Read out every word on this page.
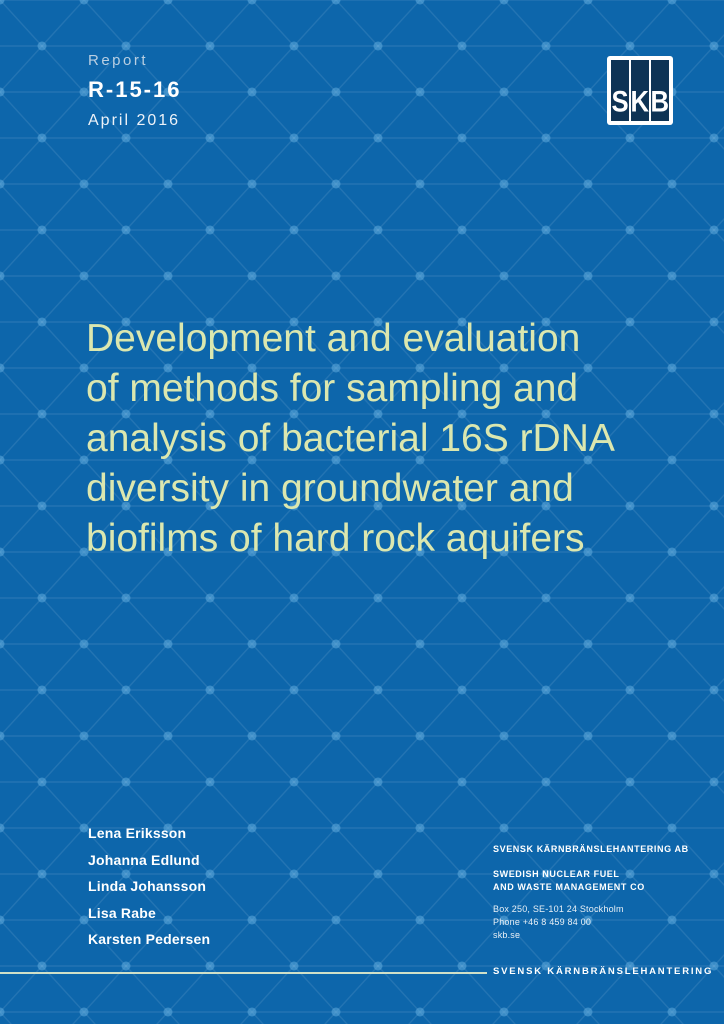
Report
R-15-16
April 2016
S K B
Development and evaluation
of methods for sampling and
analysis of bacterial 16S rDNA
diversity in groundwater and
biofilms of hard rock aquifers
Lena Eriksson
Johanna Edlund
Linda Johansson
Lisa Rabe
Karsten Pedersen
SVENSK KÄRNBRÄNSLEHANTERING AB
SWEDISH NUCLEAR FUEL
AND WASTE MANAGEMENT CO
Box 250, SE-101 24 Stockholm
Phone +46 8 459 84 00
skb.se
SVENSK KÄRNBRÄNSLEHANTERING
